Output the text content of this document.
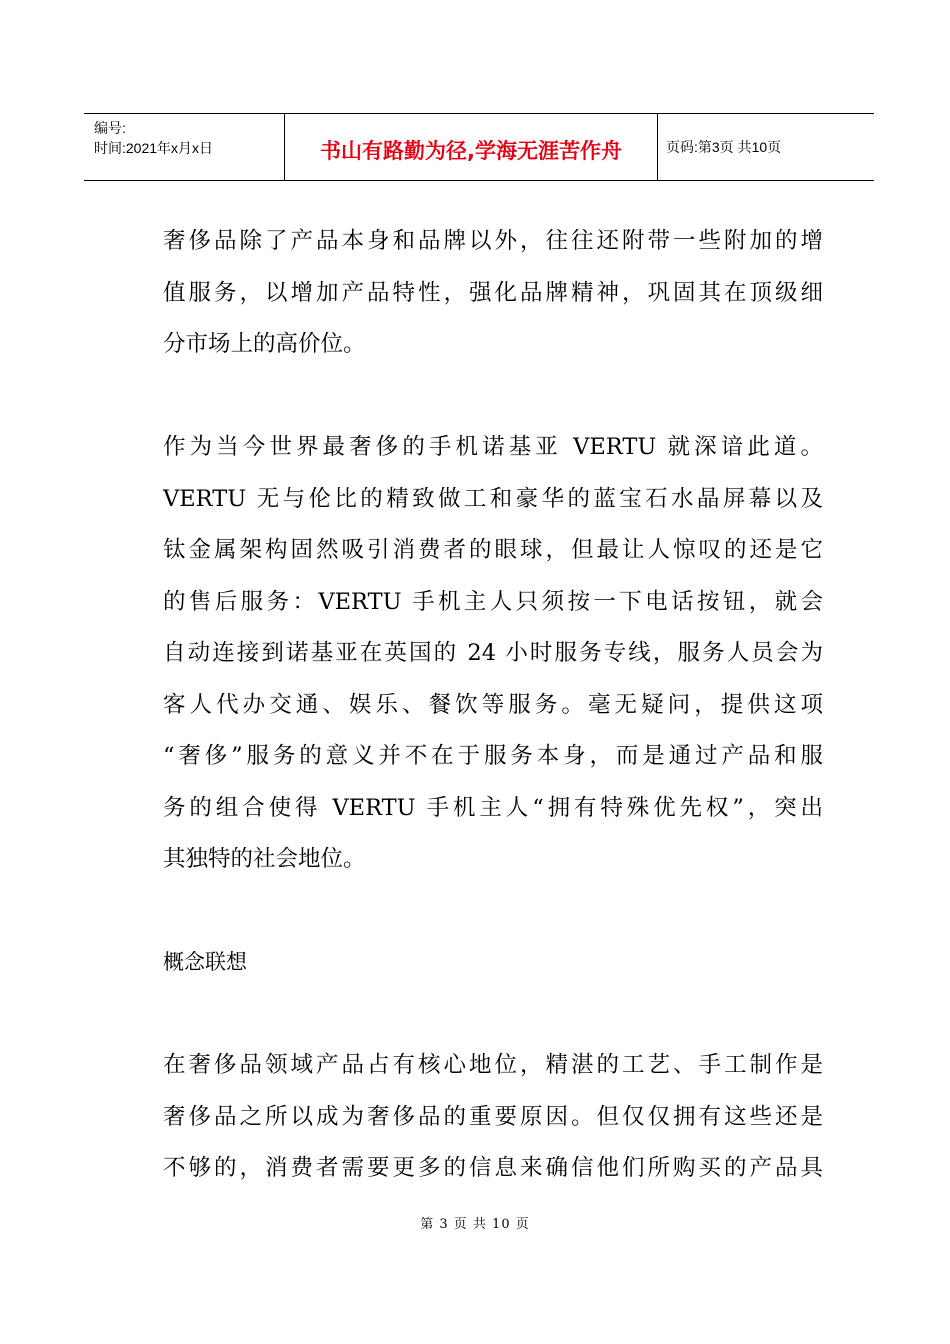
编号:
时间:2021年x月x日	书山有路勤为径,学海无涯苦作舟	页码:第3页 共10页
奢侈品除了产品本身和品牌以外，往往还附带一些附加的增
值服务，以增加产品特性，强化品牌精神，巩固其在顶级细
分市场上的高价位。
作为当今世界最奢侈的手机诺基亚 VERTU 就深谙此道。
VERTU 无与伦比的精致做工和豪华的蓝宝石水晶屏幕以及
钛金属架构固然吸引消费者的眼球，但最让人惊叹的还是它
的售后服务：VERTU 手机主人只须按一下电话按钮，就会
自动连接到诺基亚在英国的 24 小时服务专线，服务人员会为
客人代办交通、娱乐、餐饮等服务。毫无疑问，提供这项
“奢侈”服务的意义并不在于服务本身，而是通过产品和服
务的组合使得 VERTU 手机主人“拥有特殊优先权”，突出
其独特的社会地位。
概念联想
在奢侈品领域产品占有核心地位，精湛的工艺、手工制作是
奢侈品之所以成为奢侈品的重要原因。但仅仅拥有这些还是
不够的，消费者需要更多的信息来确信他们所购买的产品具
第 3 页 共 10 页
